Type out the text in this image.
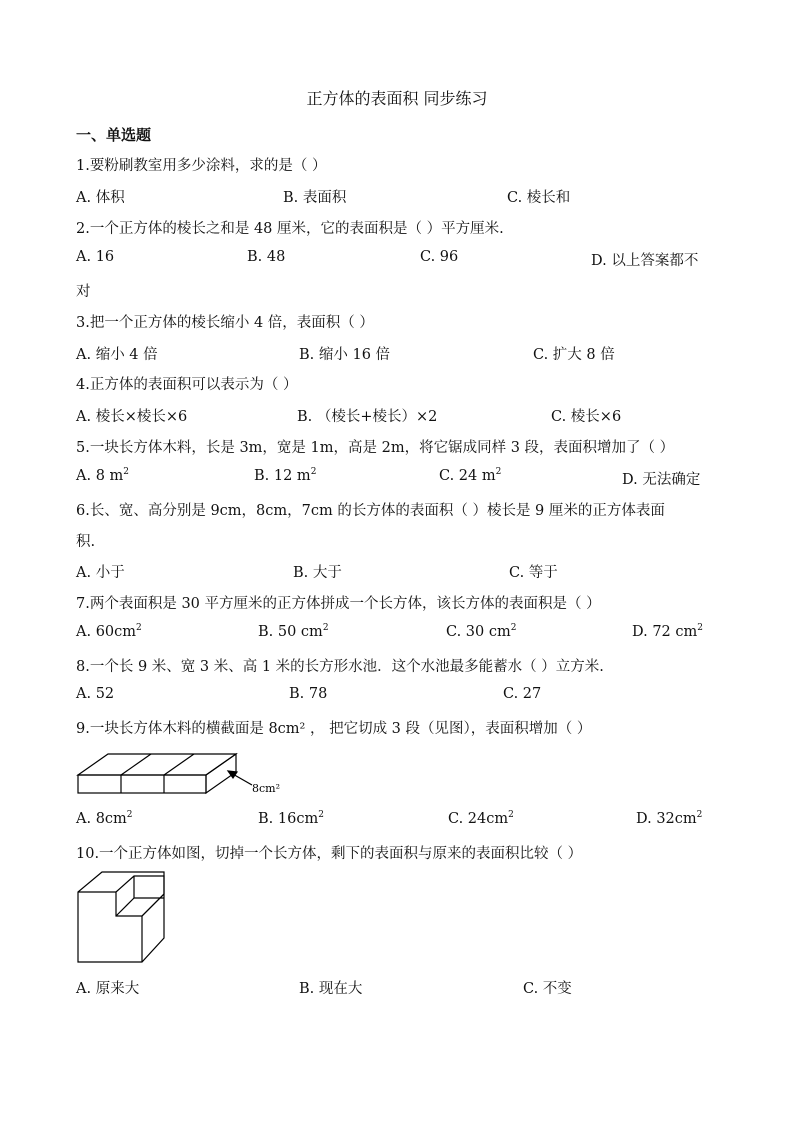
正方体的表面积 同步练习
一、单选题
1.要粉刷教室用多少涂料，求的是（ ）
A. 体积	B. 表面积	C. 棱长和
2.一个正方体的棱长之和是 48 厘米，它的表面积是（ ）平方厘米.
A. 16	B. 48	C. 96	D. 以上答案都不
对
3.把一个正方体的棱长缩小 4 倍，表面积（ ）
A. 缩小 4 倍	B. 缩小 16 倍	C. 扩大 8 倍
4.正方体的表面积可以表示为（ ）
A. 棱长×棱长×6	B. （棱长+棱长）×2	C. 棱长×6
5.一块长方体木料，长是 3m，宽是 1m，高是 2m，将它锯成同样 3 段，表面积增加了（ ）
A. 8 $m^2$	B. 12 $m^2$	C. 24 $m^2$	D. 无法确定
6.长、宽、高分别是 9cm，8cm，7cm 的长方体的表面积（ ）棱长是 9 厘米的正方体表面
积.
A. 小于	B. 大于	C. 等于
7.两个表面积是 30 平方厘米的正方体拼成一个长方体，该长方体的表面积是（ ）
A. $60cm^2$	B. 50 $cm^2$	C. 30 $cm^2$	D. 72 $cm^2$
8.一个长 9 米、宽 3 米、高 1 米的长方形水池．这个水池最多能蓄水（ ）立方米.
A. 52	B. 78	C. 27
9.一块长方体木料的横截面是 8cm² ， 把它切成 3 段（见图），表面积增加（ ）
8cm²
A. $8cm^2$	B. $16cm^2$	C. $24cm^2$	D. $32cm^2$
10.一个正方体如图，切掉一个长方体，剩下的表面积与原来的表面积比较（ ）
A. 原来大	B. 现在大	C. 不变
